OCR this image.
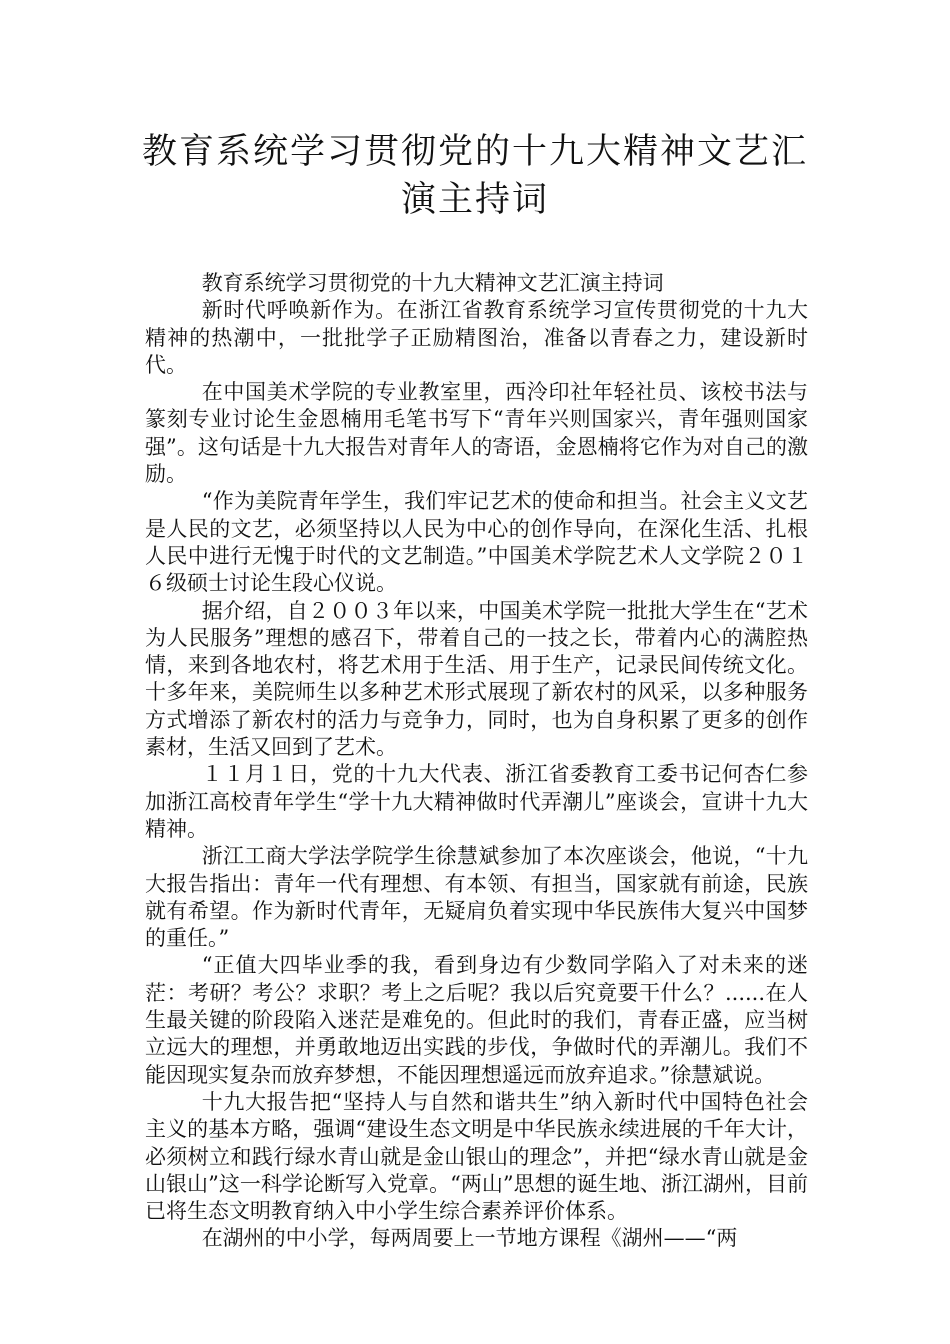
教育系统学习贯彻党的十九大精神文艺汇
演主持词

教育系统学习贯彻党的十九大精神文艺汇演主持词

新时代呼唤新作为。在浙江省教育系统学习宣传贯彻党的十九大精神的热潮中，一批批学子正励精图治，准备以青春之力，建设新时代。

在中国美术学院的专业教室里，西泠印社年轻社员、该校书法与篆刻专业讨论生金恩楠用毛笔书写下“青年兴则国家兴，青年强则国家强”。这句话是十九大报告对青年人的寄语，金恩楠将它作为对自己的激励。

“作为美院青年学生，我们牢记艺术的使命和担当。社会主义文艺是人民的文艺，必须坚持以人民为中心的创作导向，在深化生活、扎根人民中进行无愧于时代的文艺制造。”中国美术学院艺术人文学院２０１６级硕士讨论生段心仪说。

据介绍，自２００３年以来，中国美术学院一批批大学生在“艺术为人民服务”理想的感召下，带着自己的一技之长，带着内心的满腔热情，来到各地农村，将艺术用于生活、用于生产，记录民间传统文化。十多年来，美院师生以多种艺术形式展现了新农村的风采，以多种服务方式增添了新农村的活力与竞争力，同时，也为自身积累了更多的创作素材，生活又回到了艺术。

１１月１日，党的十九大代表、浙江省委教育工委书记何杏仁参加浙江高校青年学生“学十九大精神做时代弄潮儿”座谈会，宣讲十九大精神。

浙江工商大学法学院学生徐慧斌参加了本次座谈会，他说，“十九大报告指出：青年一代有理想、有本领、有担当，国家就有前途，民族就有希望。作为新时代青年，无疑肩负着实现中华民族伟大复兴中国梦的重任。”

“正值大四毕业季的我，看到身边有少数同学陷入了对未来的迷茫：考研？考公？求职？考上之后呢？我以后究竟要干什么？......在人生最关键的阶段陷入迷茫是难免的。但此时的我们，青春正盛，应当树立远大的理想，并勇敢地迈出实践的步伐，争做时代的弄潮儿。我们不能因现实复杂而放弃梦想，不能因理想遥远而放弃追求。”徐慧斌说。

十九大报告把“坚持人与自然和谐共生”纳入新时代中国特色社会主义的基本方略，强调“建设生态文明是中华民族永续进展的千年大计，必须树立和践行绿水青山就是金山银山的理念”，并把“绿水青山就是金山银山”这一科学论断写入党章。“两山”思想的诞生地、浙江湖州，目前已将生态文明教育纳入中小学生综合素养评价体系。

在湖州的中小学，每两周要上一节地方课程《湖州——“两
